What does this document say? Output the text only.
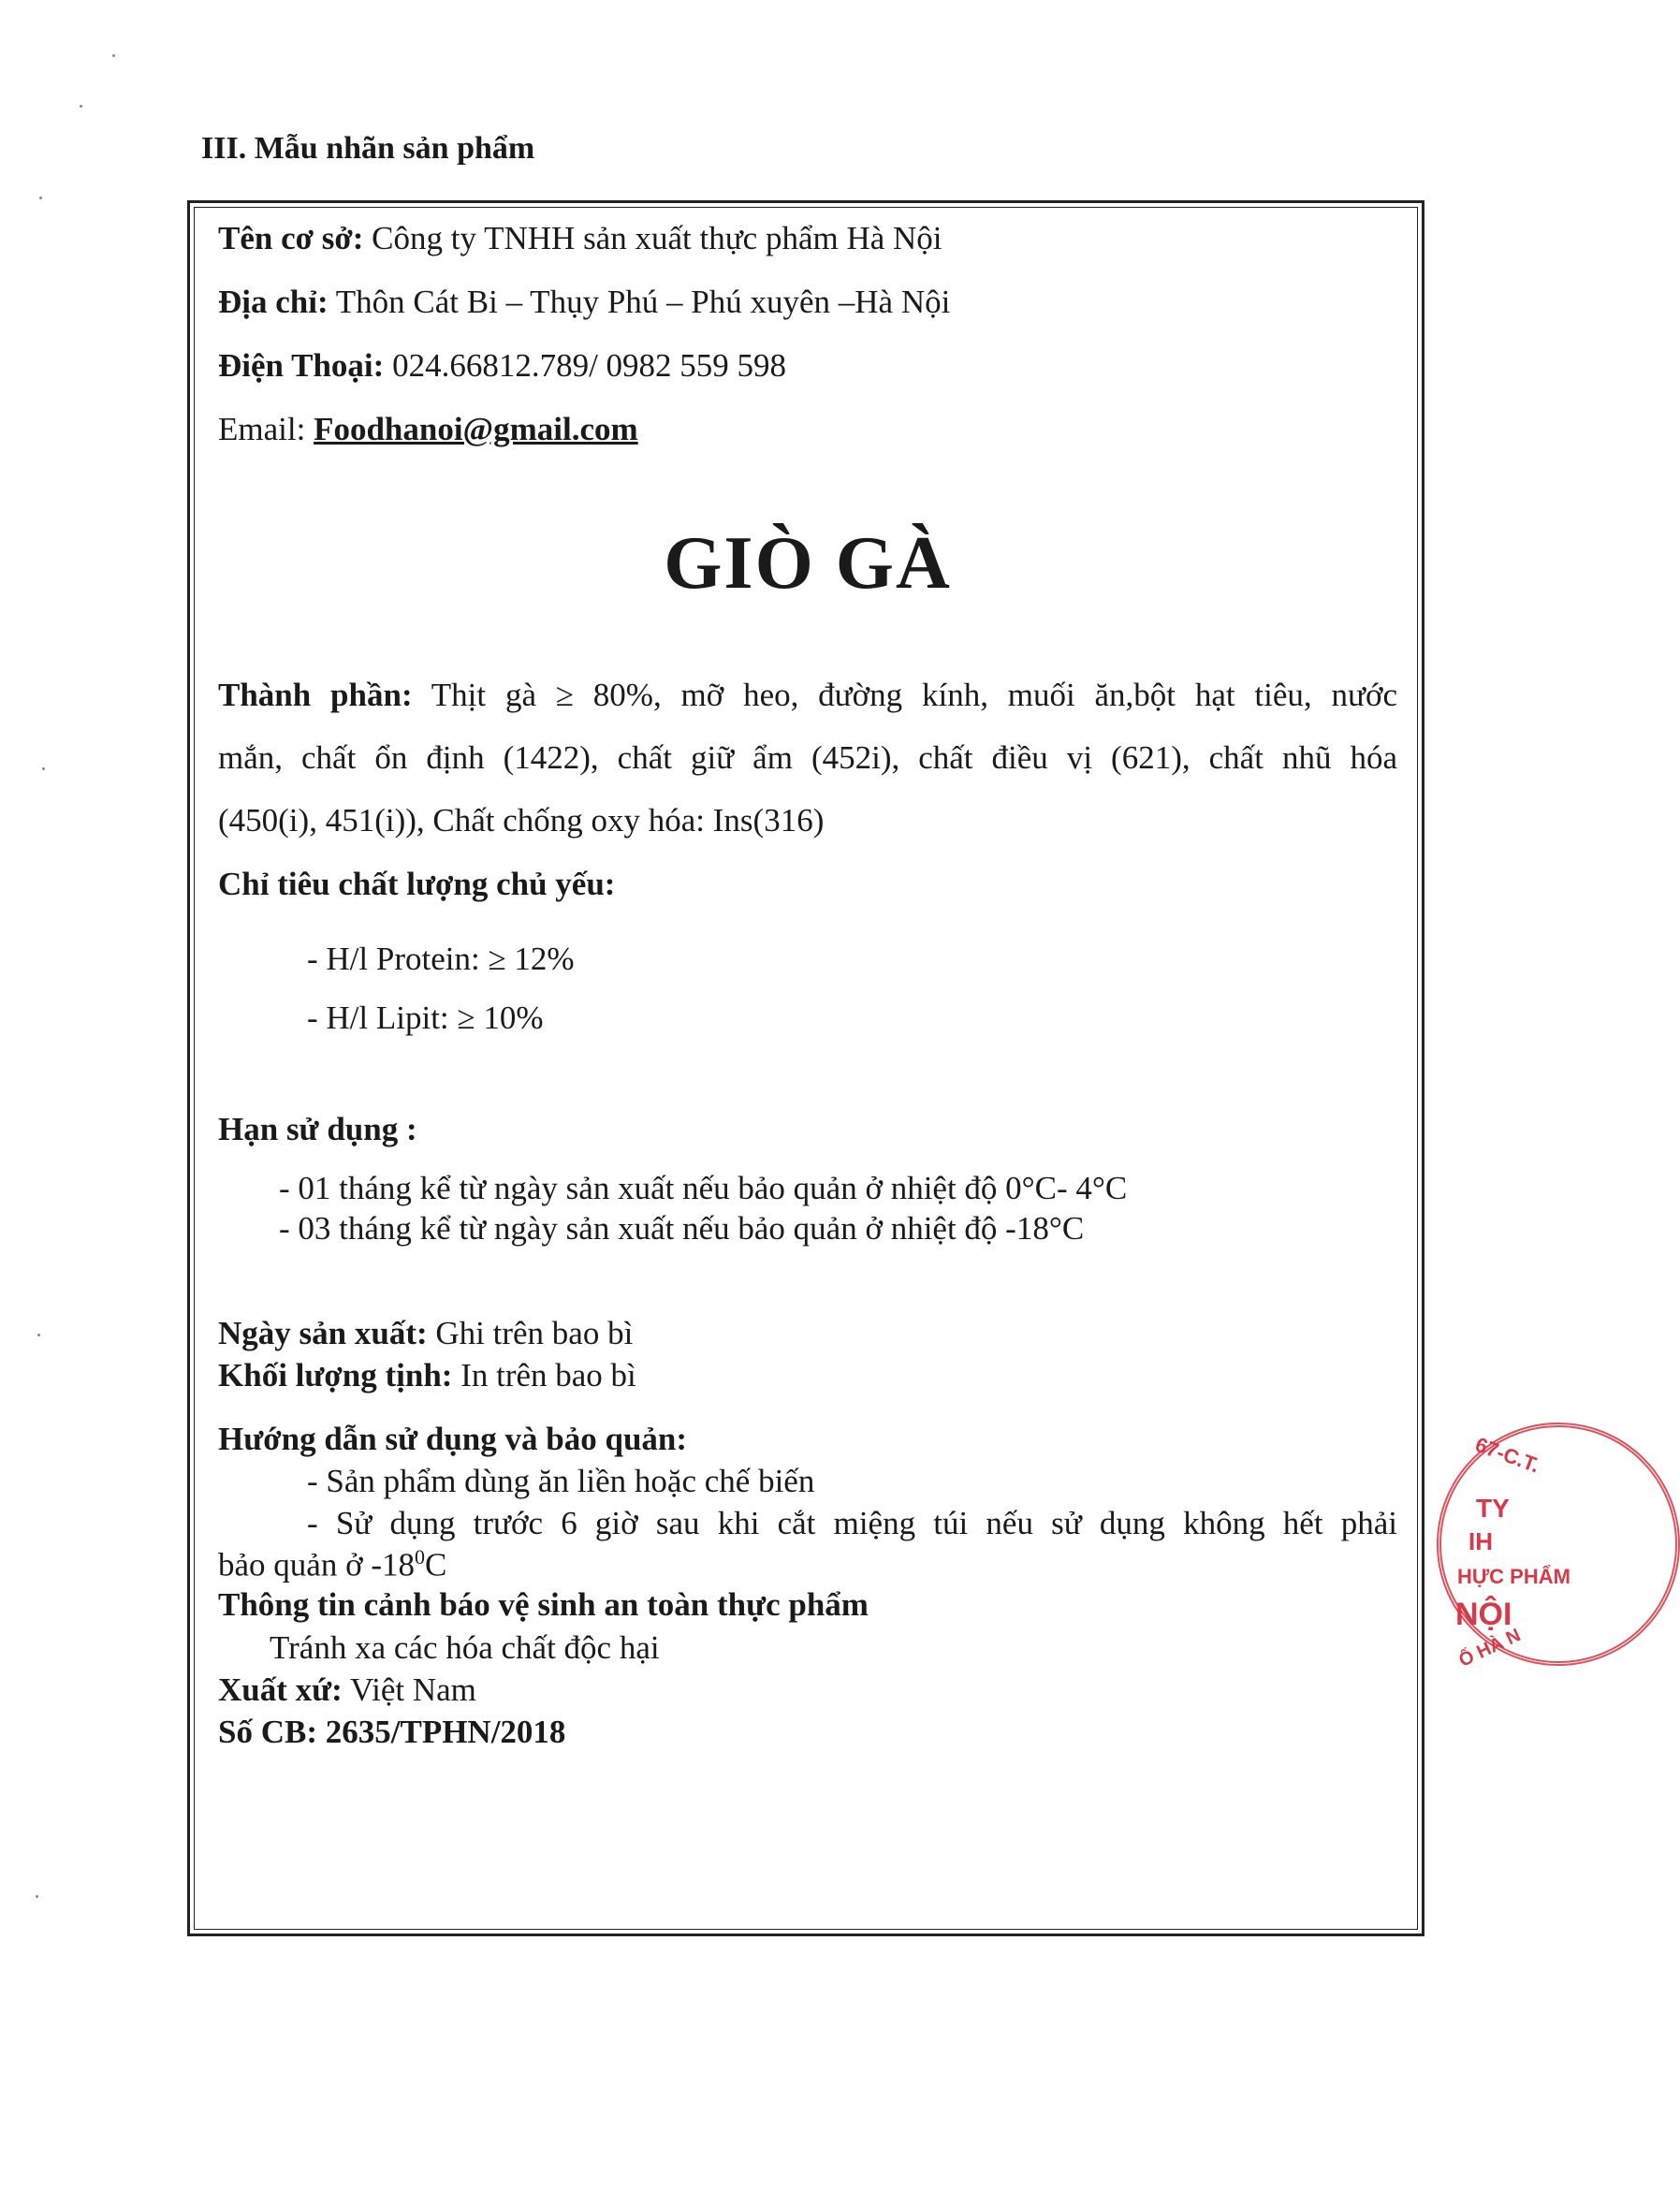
III. Mẫu nhãn sản phẩm
Tên cơ sở: Công ty TNHH sản xuất thực phẩm Hà Nội
Địa chỉ: Thôn Cát Bi – Thụy Phú – Phú xuyên –Hà Nội
Điện Thoại: 024.66812.789/ 0982 559 598
Email: Foodhanoi@gmail.com
GIÒ GÀ
Thành phần: Thịt gà ≥ 80%, mỡ heo, đường kính, muối ăn,bột hạt tiêu, nước
mắn, chất ổn định (1422), chất giữ ẩm (452i), chất điều vị (621), chất nhũ hóa
(450(i), 451(i)), Chất chống oxy hóa: Ins(316)
Chỉ tiêu chất lượng chủ yếu:
- H/l Protein: ≥ 12%
- H/l Lipit: ≥ 10%
Hạn sử dụng :
- 01 tháng kể từ ngày sản xuất nếu bảo quản ở nhiệt độ 0°C- 4°C
- 03 tháng kể từ ngày sản xuất nếu bảo quản ở nhiệt độ -18°C
Ngày sản xuất: Ghi trên bao bì
Khối lượng tịnh: In trên bao bì
Hướng dẫn sử dụng và bảo quản:
- Sản phẩm dùng ăn liền hoặc chế biến
- Sử dụng trước 6 giờ sau khi cắt miệng túi nếu sử dụng không hết phải
bảo quản ở $-18^0C$
Thông tin cảnh báo vệ sinh an toàn thực phẩm
Tránh xa các hóa chất độc hại
Xuất xứ: Việt Nam
Số CB: 2635/TPHN/2018
67-C.T.
TY
IH
HỰC PHẨM
NỘI
Ố HÀ N
